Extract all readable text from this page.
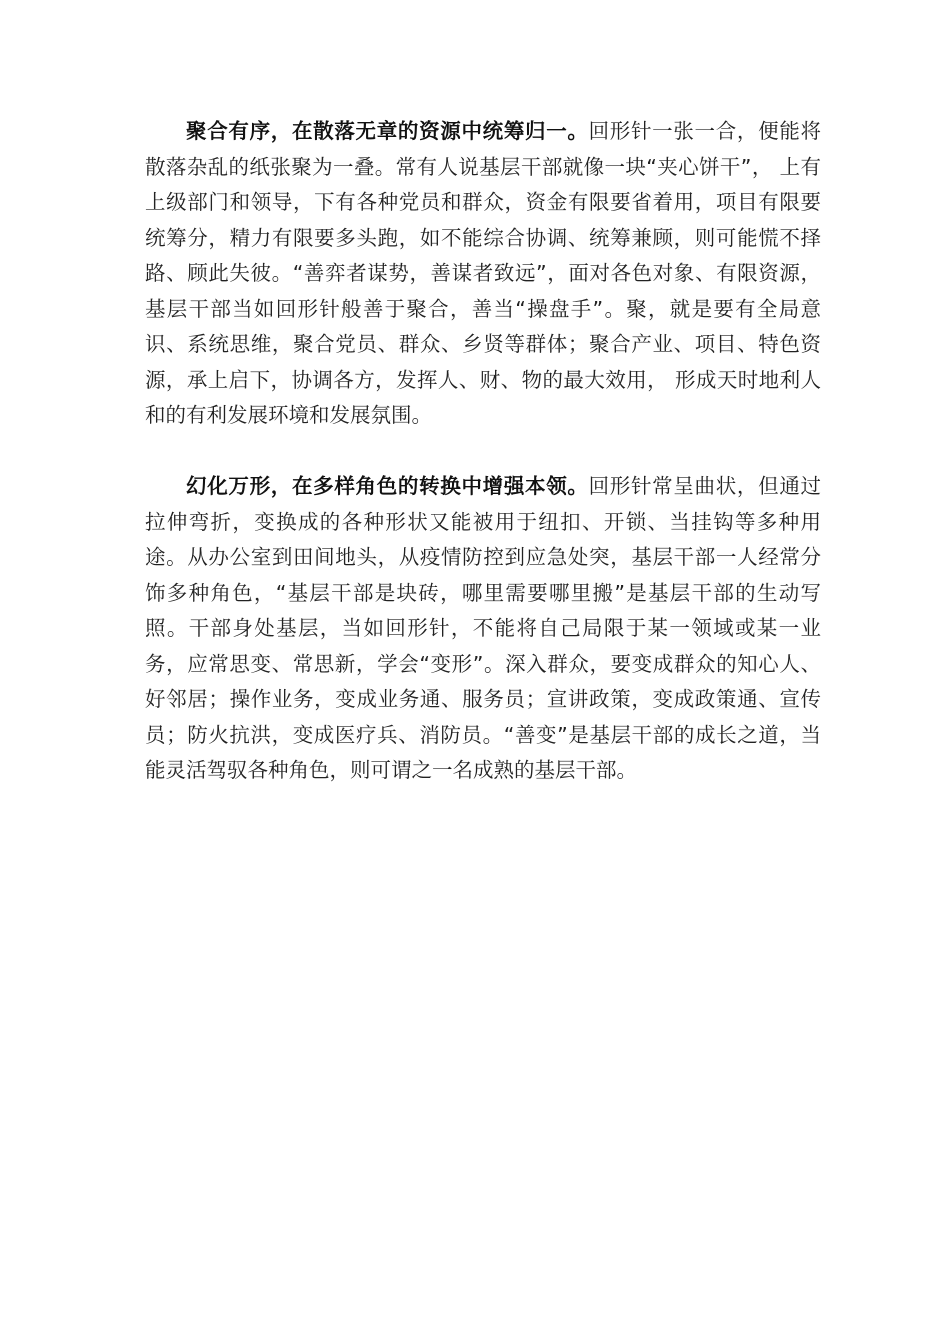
聚合有序，在散落无章的资源中统筹归一。回形针一张一合，便能将散落杂乱的纸张聚为一叠。常有人说基层干部就像一块“夹心饼干”， 上有上级部门和领导，下有各种党员和群众，资金有限要省着用，项目有限要统筹分，精力有限要多头跑，如不能综合协调、统筹兼顾，则可能慌不择路、顾此失彼。“善弈者谋势，善谋者致远”，面对各色对象、有限资源，基层干部当如回形针般善于聚合，善当“操盘手”。聚，就是要有全局意识、系统思维，聚合党员、群众、乡贤等群体；聚合产业、项目、特色资源，承上启下，协调各方，发挥人、财、物的最大效用， 形成天时地利人和的有利发展环境和发展氛围。

幻化万形，在多样角色的转换中增强本领。回形针常呈曲状，但通过拉伸弯折，变换成的各种形状又能被用于纽扣、开锁、当挂钩等多种用途。从办公室到田间地头，从疫情防控到应急处突，基层干部一人经常分饰多种角色，“基层干部是块砖，哪里需要哪里搬”是基层干部的生动写照。干部身处基层，当如回形针，不能将自己局限于某一领域或某一业务，应常思变、常思新，学会“变形”。深入群众，要变成群众的知心人、好邻居；操作业务，变成业务通、服务员；宣讲政策，变成政策通、宣传员；防火抗洪，变成医疗兵、消防员。“善变”是基层干部的成长之道，当能灵活驾驭各种角色，则可谓之一名成熟的基层干部。
